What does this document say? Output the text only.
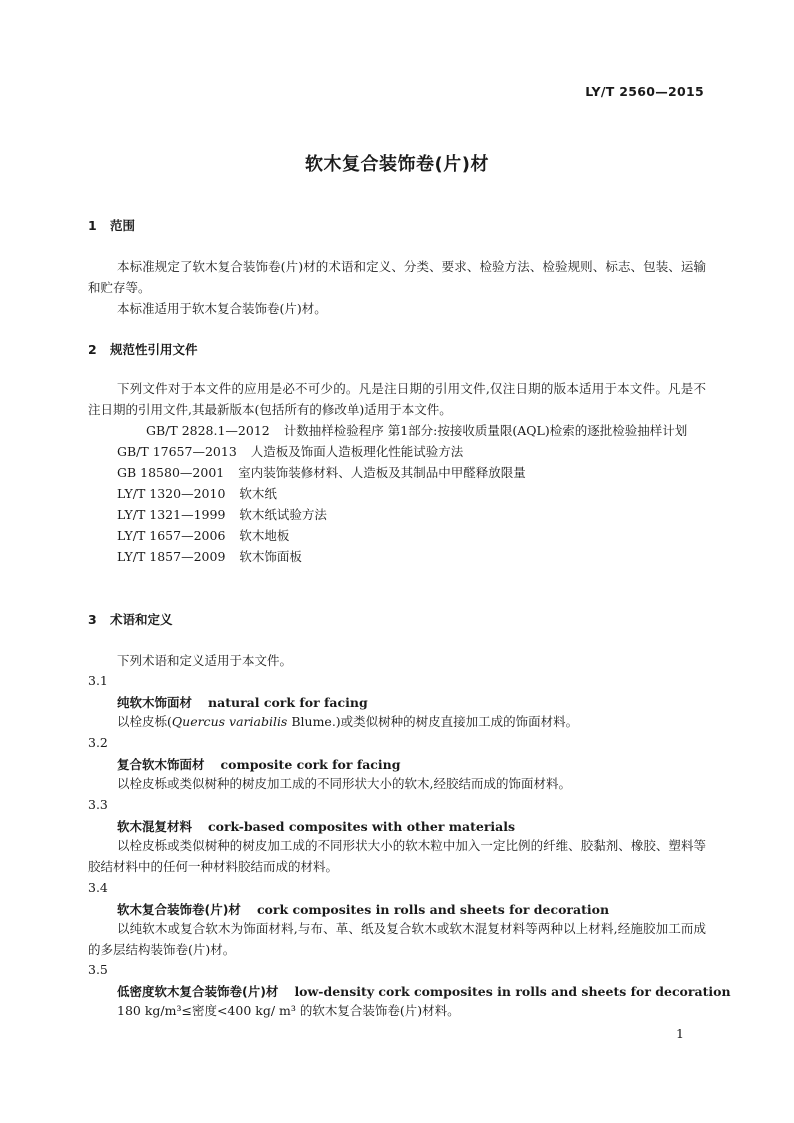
LY/T 2560—2015
软木复合装饰卷(片)材
1 范围
本标准规定了软木复合装饰卷(片)材的术语和定义、分类、要求、检验方法、检验规则、标志、包装、运输和贮存等。
本标准适用于软木复合装饰卷(片)材。
2 规范性引用文件
下列文件对于本文件的应用是必不可少的。凡是注日期的引用文件,仅注日期的版本适用于本文件。凡是不注日期的引用文件,其最新版本(包括所有的修改单)适用于本文件。
GB/T 2828.1—2012 计数抽样检验程序 第1部分:按接收质量限(AQL)检索的逐批检验抽样计划
GB/T 17657—2013 人造板及饰面人造板理化性能试验方法
GB 18580—2001 室内装饰装修材料、人造板及其制品中甲醛释放限量
LY/T 1320—2010 软木纸
LY/T 1321—1999 软木纸试验方法
LY/T 1657—2006 软木地板
LY/T 1857—2009 软木饰面板
3 术语和定义
下列术语和定义适用于本文件。
3.1
纯软木饰面材 natural cork for facing
以栓皮栎(Quercus variabilis Blume.)或类似树种的树皮直接加工成的饰面材料。
3.2
复合软木饰面材 composite cork for facing
以栓皮栎或类似树种的树皮加工成的不同形状大小的软木,经胶结而成的饰面材料。
3.3
软木混复材料 cork-based composites with other materials
以栓皮栎或类似树种的树皮加工成的不同形状大小的软木粒中加入一定比例的纤维、胶黏剂、橡胶、塑料等胶结材料中的任何一种材料胶结而成的材料。
3.4
软木复合装饰卷(片)材 cork composites in rolls and sheets for decoration
以纯软木或复合软木为饰面材料,与布、革、纸及复合软木或软木混复材料等两种以上材料,经施胶加工而成的多层结构装饰卷(片)材。
3.5
低密度软木复合装饰卷(片)材 low-density cork composites in rolls and sheets for decoration
180 kg/m³≤密度<400 kg/ m³ 的软木复合装饰卷(片)材料。
1
